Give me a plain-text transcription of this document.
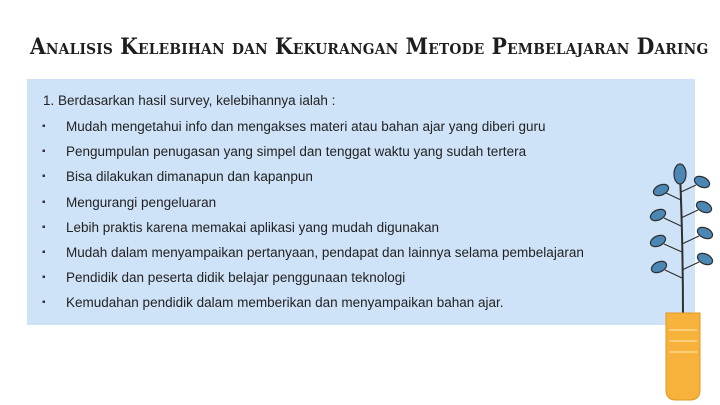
Analisis Kelebihan dan Kekurangan Metode Pembelajaran Daring
1. Berdasarkan hasil survey, kelebihannya ialah :
▪	Mudah mengetahui info dan mengakses materi atau bahan ajar yang diberi guru
▪	Pengumpulan penugasan yang simpel dan tenggat waktu yang sudah tertera
▪	Bisa dilakukan dimanapun dan kapanpun
▪	Mengurangi pengeluaran
▪	Lebih praktis karena memakai aplikasi yang mudah digunakan
▪	Mudah dalam menyampaikan pertanyaan, pendapat dan lainnya selama pembelajaran
▪	Pendidik dan peserta didik belajar penggunaan teknologi
▪	Kemudahan pendidik dalam memberikan dan menyampaikan bahan ajar.
